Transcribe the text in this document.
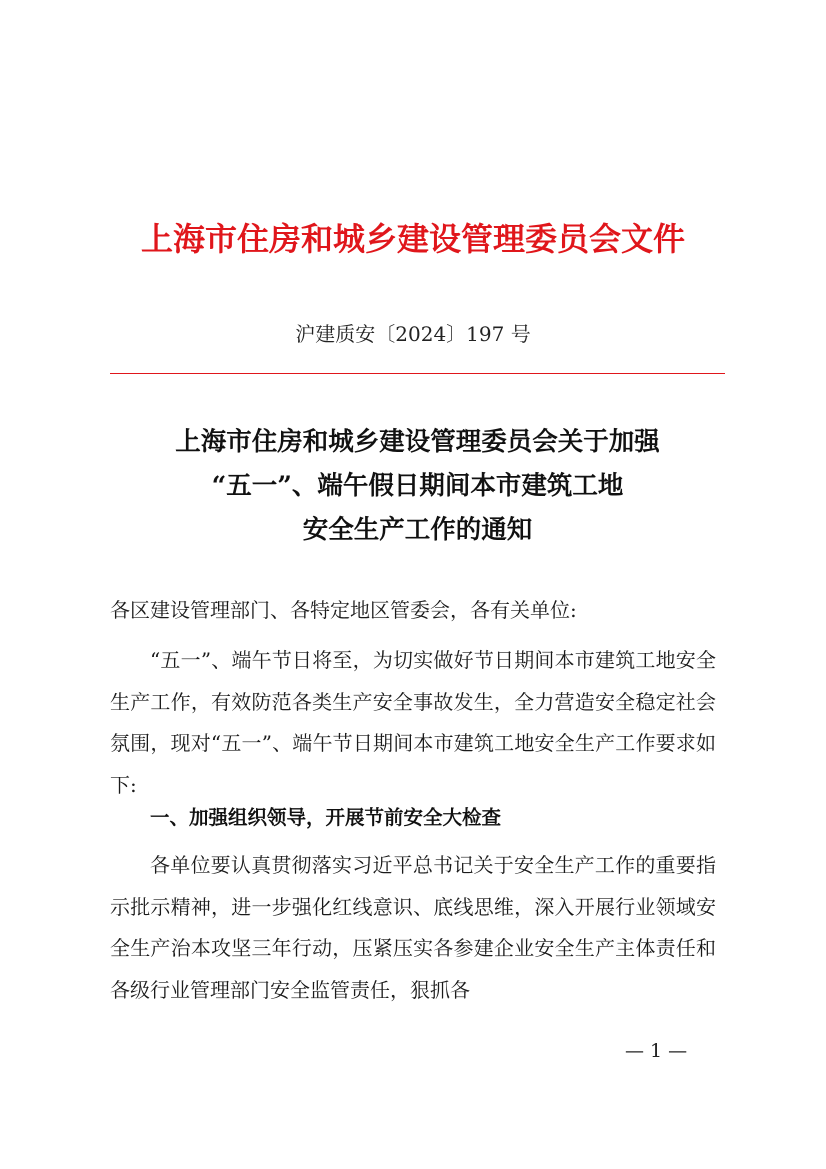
上海市住房和城乡建设管理委员会文件
沪建质安〔2024〕197 号
上海市住房和城乡建设管理委员会关于加强
“五一”、端午假日期间本市建筑工地
安全生产工作的通知
各区建设管理部门、各特定地区管委会，各有关单位:
“五一”、端午节日将至，为切实做好节日期间本市建筑工地安全生产工作，有效防范各类生产安全事故发生，全力营造安全稳定社会氛围，现对“五一”、端午节日期间本市建筑工地安全生产工作要求如下:
一、加强组织领导，开展节前安全大检查
各单位要认真贯彻落实习近平总书记关于安全生产工作的重要指示批示精神，进一步强化红线意识、底线思维，深入开展行业领域安全生产治本攻坚三年行动，压紧压实各参建企业安全生产主体责任和各级行业管理部门安全监管责任，狠抓各
— 1 —
